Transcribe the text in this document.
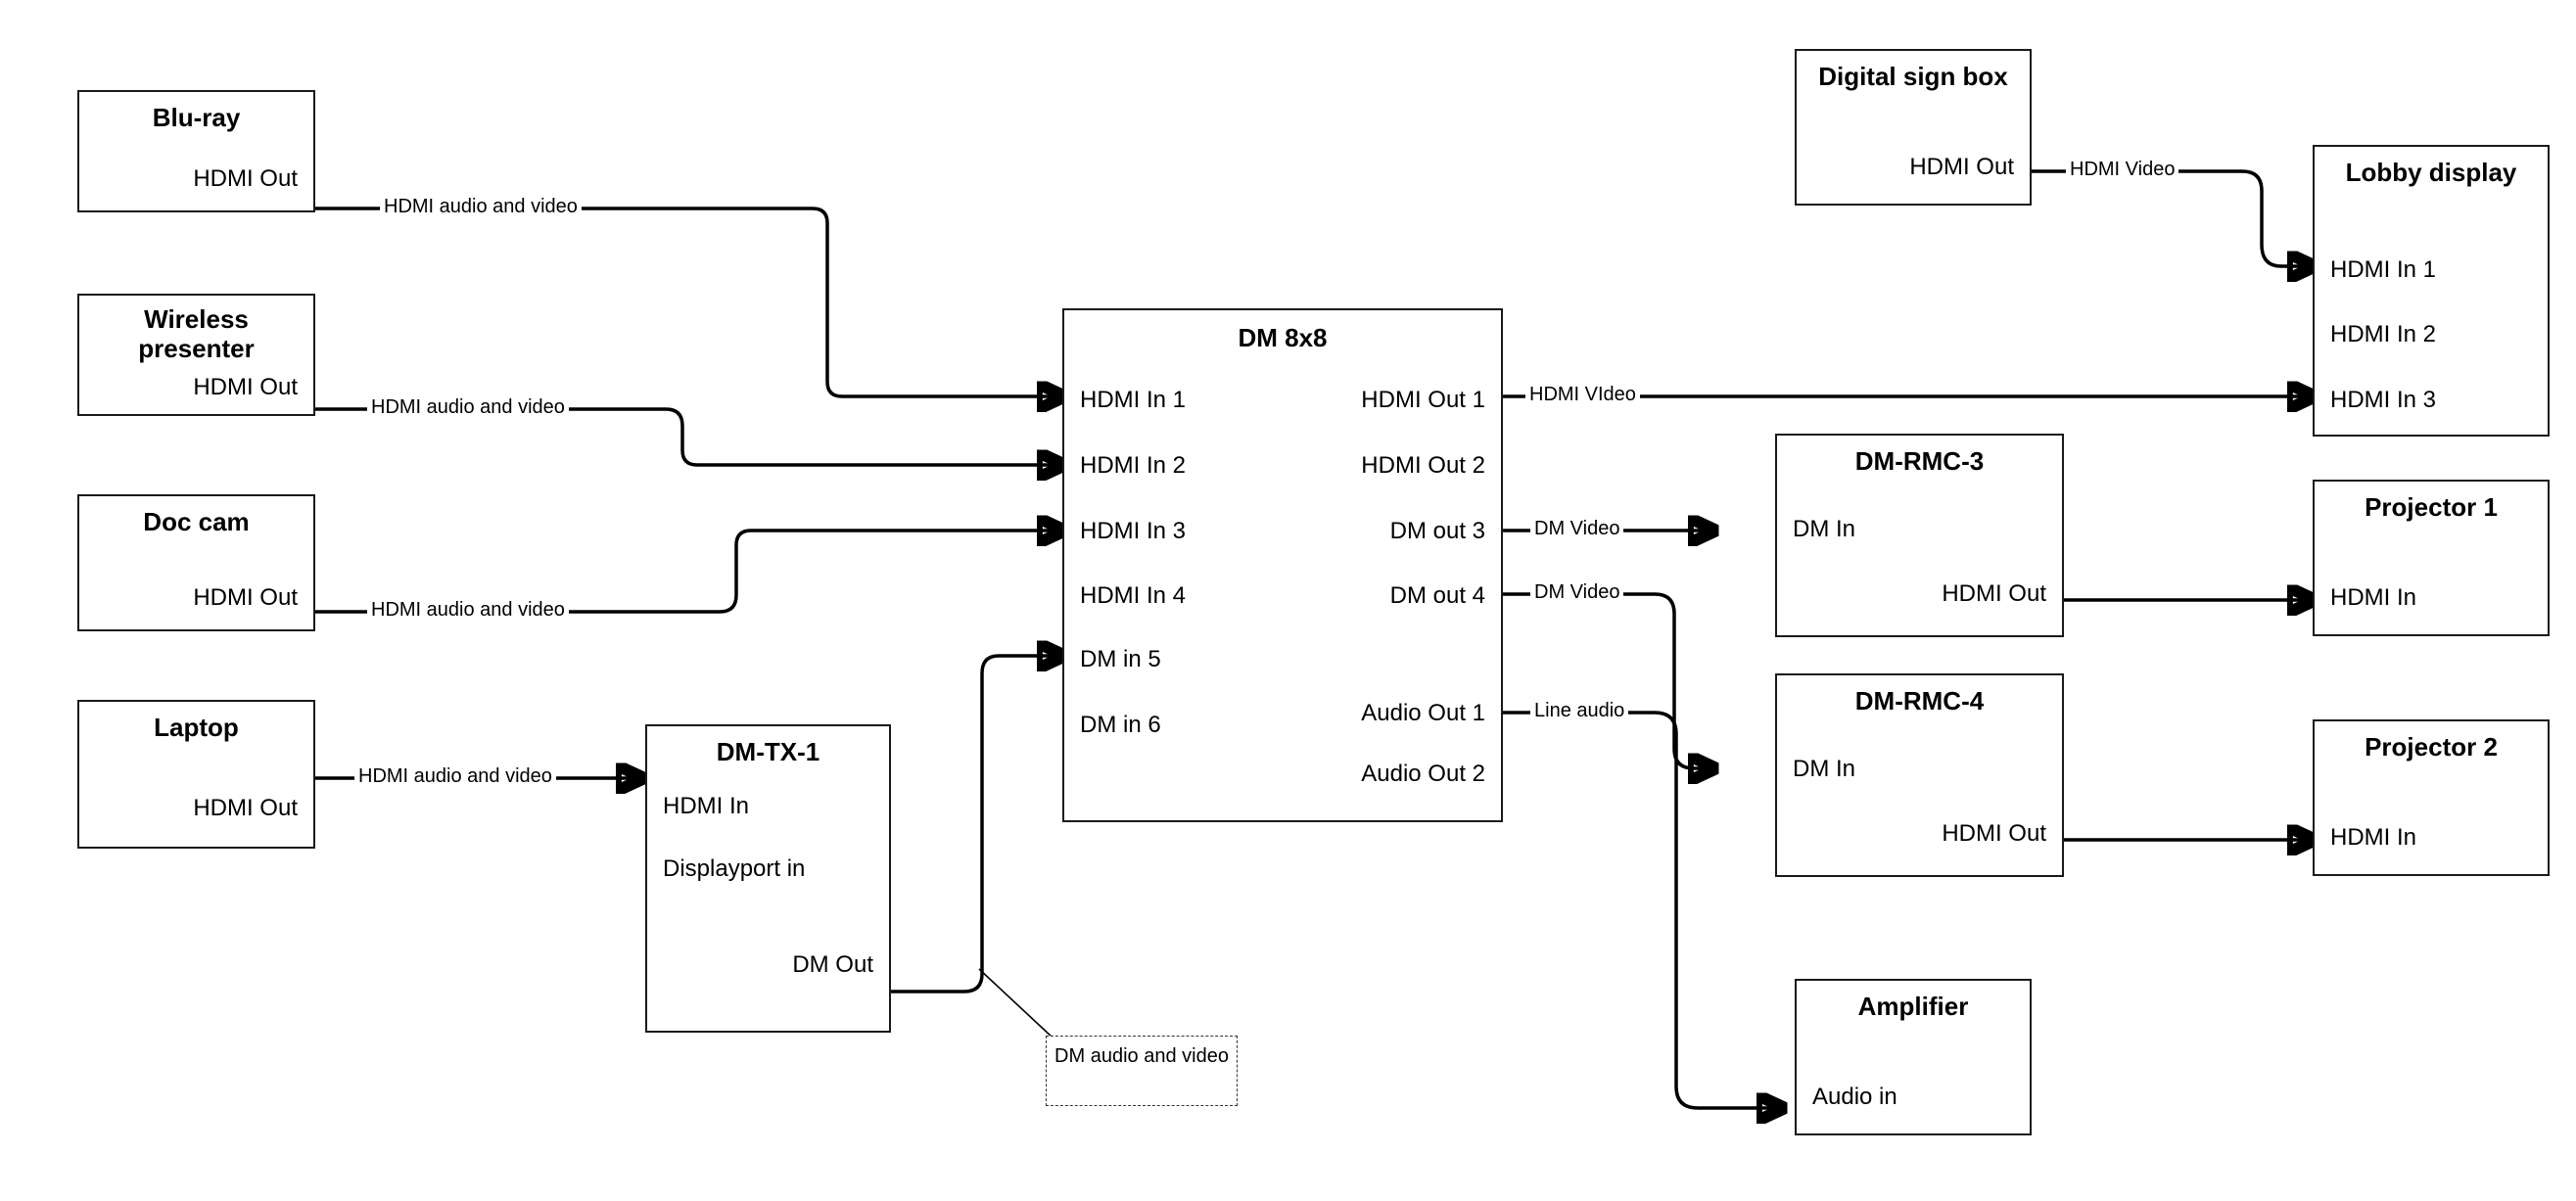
Blu-ray
HDMI Out
Wireless presenter
HDMI Out
Doc cam
HDMI Out
Laptop
HDMI Out
DM-TX-1
HDMI In
Displayport in
DM Out
DM 8x8
HDMI In 1
HDMI In 2
HDMI In 3
HDMI In 4
DM in 5
DM in 6
HDMI Out 1
HDMI Out 2
DM out 3
DM out 4
Audio Out 1
Audio Out 2
Digital sign box
HDMI Out	Lobby display
HDMI In 1
HDMI In 2
HDMI In 3
DM-RMC-3
DM In
HDMI Out
DM-RMC-4
DM In
HDMI Out
Projector 1
HDMI In
Projector 2
HDMI In
Amplifier
Audio in
HDMI audio and video
HDMI audio and video
HDMI audio and video
HDMI audio and video
HDMI Video
HDMI VIdeo
DM Video
DM Video
Line audio
DM audio and video
